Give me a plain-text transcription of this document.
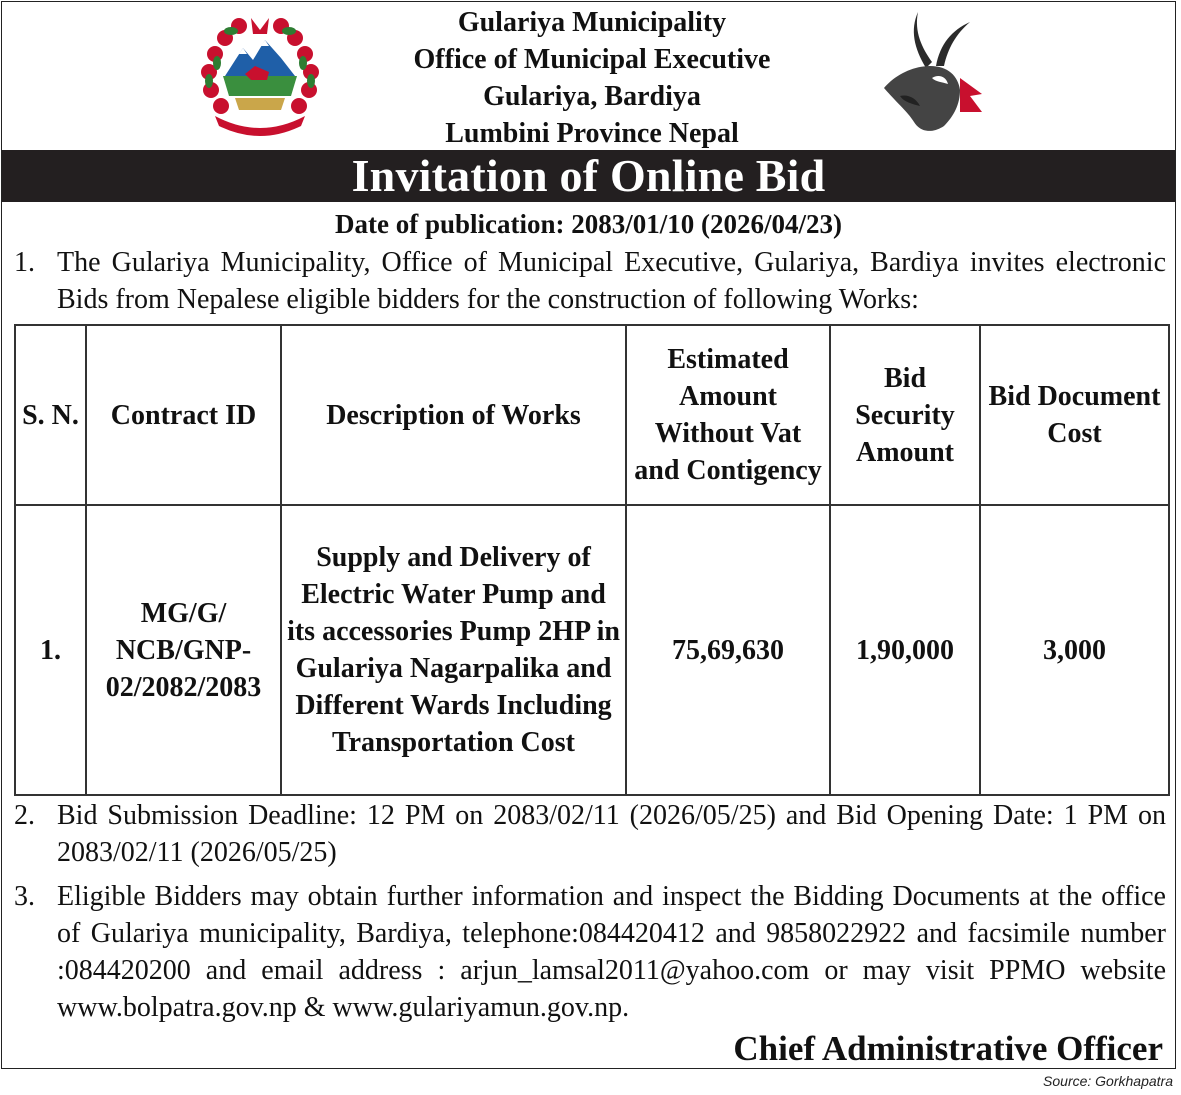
Gulariya Municipality
Office of Municipal Executive
Gulariya, Bardiya
Lumbini Province Nepal
Invitation of Online Bid
Date of publication: 2083/01/10 (2026/04/23)
1. The Gulariya Municipality, Office of Municipal Executive, Gulariya, Bardiya invites electronic Bids from Nepalese eligible bidders for the construction of following Works:
S. N.	Contract ID	Description of Works	Estimated Amount Without Vat and Contigency	Bid Security Amount	Bid Document Cost
1.	MG/G/ NCB/GNP-02/2082/2083	Supply and Delivery of Electric Water Pump and its accessories Pump 2HP in Gulariya Nagarpalika and Different Wards Including Transportation Cost	75,69,630	1,90,000	3,000
2. Bid Submission Deadline: 12 PM on 2083/02/11 (2026/05/25) and Bid Opening Date: 1 PM on 2083/02/11 (2026/05/25)
3. Eligible Bidders may obtain further information and inspect the Bidding Documents at the office of Gulariya municipality, Bardiya, telephone:084420412 and 9858022922 and facsimile number :084420200 and email address : arjun_lamsal2011@yahoo.com or may visit PPMO website www.bolpatra.gov.np & www.gulariyamun.gov.np.
Chief Administrative Officer
Source: Gorkhapatra
